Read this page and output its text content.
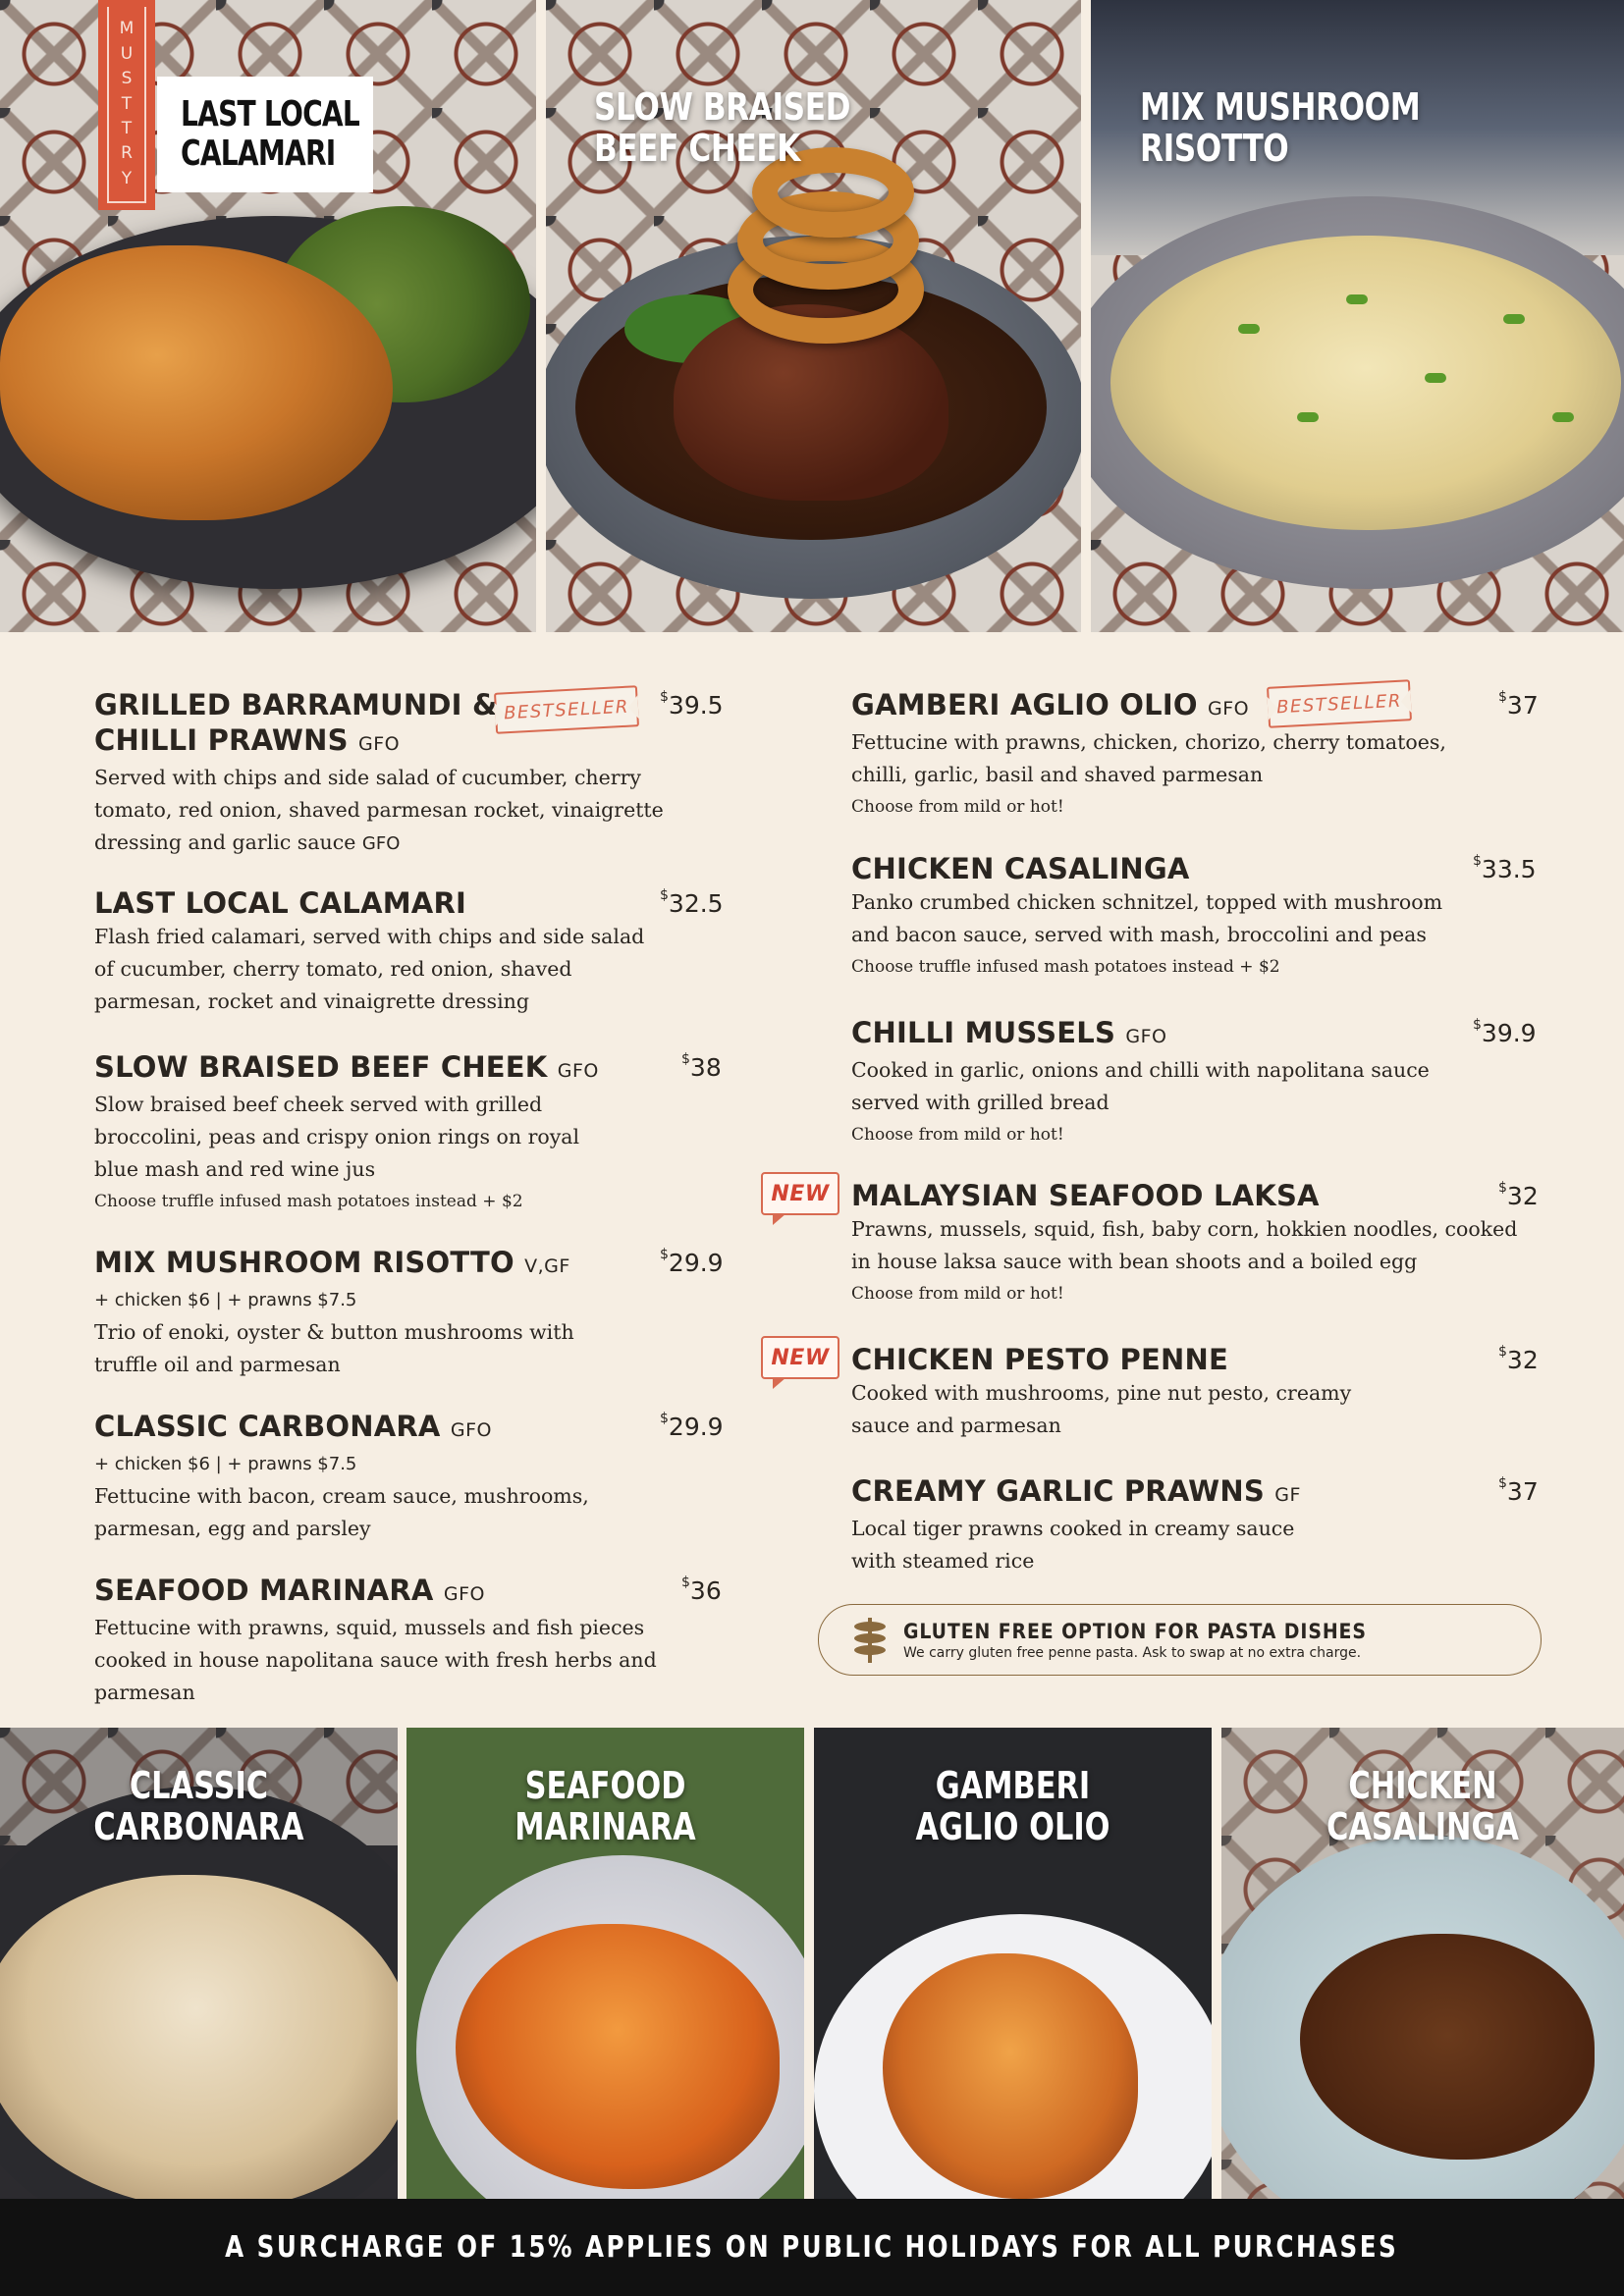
M
U
S
T
T
R
Y
LAST LOCAL
CALAMARI
SLOW BRAISED
BEEF CHEEK
MIX MUSHROOM
RISOTTO
GRILLED BARRAMUNDI &
CHILLI PRAWNS GFO
BESTSELLER	$39.5
Served with chips and side salad of cucumber, cherry tomato, red onion, shaved parmesan rocket, vinaigrette dressing and garlic sauce GFO
LAST LOCAL CALAMARI	$32.5
Flash fried calamari, served with chips and side salad of cucumber, cherry tomato, red onion, shaved parmesan, rocket and vinaigrette dressing
SLOW BRAISED BEEF CHEEK GFO
$38
Slow braised beef cheek served with grilled broccolini, peas and crispy onion rings on royal blue mash and red wine jus
Choose truffle infused mash potatoes instead + $2
MIX MUSHROOM RISOTTO V,GF
$29.9
+ chicken $6 | + prawns $7.5
Trio of enoki, oyster & button mushrooms with truffle oil and parmesan
CLASSIC CARBONARA GFO
$29.9
+ chicken $6 | + prawns $7.5
Fettucine with bacon, cream sauce, mushrooms, parmesan, egg and parsley
SEAFOOD MARINARA GFO
$36
Fettucine with prawns, squid, mussels and fish pieces cooked in house napolitana sauce with fresh herbs and parmesan
GAMBERI AGLIO OLIO GFO	BESTSELLER	$37
Fettucine with prawns, chicken, chorizo, cherry tomatoes, chilli, garlic, basil and shaved parmesan
Choose from mild or hot!
CHICKEN CASALINGA	$33.5
Panko crumbed chicken schnitzel, topped with mushroom and bacon sauce, served with mash, broccolini and peas
Choose truffle infused mash potatoes instead + $2
CHILLI MUSSELS GFO
$39.9
Cooked in garlic, onions and chilli with napolitana sauce served with grilled bread
Choose from mild or hot!
NEW MALAYSIAN SEAFOOD LAKSA	$32
Prawns, mussels, squid, fish, baby corn, hokkien noodles, cooked in house laksa sauce with bean shoots and a boiled egg
Choose from mild or hot!
NEW CHICKEN PESTO PENNE	$32
Cooked with mushrooms, pine nut pesto, creamy sauce and parmesan
CREAMY GARLIC PRAWNS GF
$37
Local tiger prawns cooked in creamy sauce with steamed rice
GLUTEN FREE OPTION FOR PASTA DISHES
We carry gluten free penne pasta. Ask to swap at no extra charge.
CLASSIC
CARBONARA
SEAFOOD
MARINARA
GAMBERI
AGLIO OLIO
CHICKEN
CASALINGA
A SURCHARGE OF 15% APPLIES ON PUBLIC HOLIDAYS FOR ALL PURCHASES
